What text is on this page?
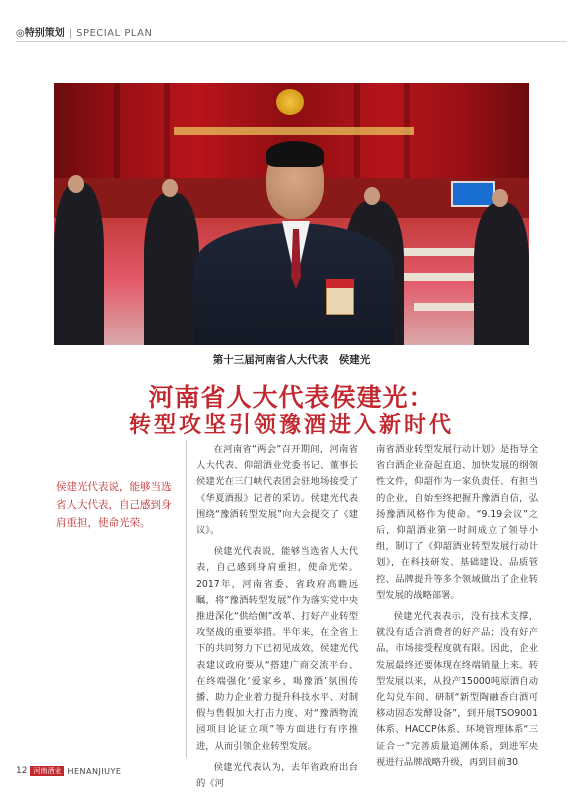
◎特别策划 | SPECIAL PLAN
第十三届河南省人大代表　侯建光
河南省人大代表侯建光：
转型攻坚引领豫酒进入新时代
侯建光代表说，能够当选省人大代表，自己感到身肩重担，使命光荣。

在河南省“两会”召开期间，河南省人大代表、仰韶酒业党委书记、董事长侯建光在三门峡代表团会驻地场接受了《华夏酒报》记者的采访。侯建光代表围绕“豫酒转型发展”向大会提交了《建议》。

侯建光代表说，能够当选省人大代表，自己感到身肩重担，使命光荣。2017年，河南省委、省政府高瞻远瞩，将“豫酒转型发展”作为落实党中央推进深化“供给侧”改革、打好产业转型攻坚战的重要举措。半年来，在全省上下的共同努力下已初见成效，侯建光代表建议政府要从“搭建广商交流平台、在终端强化‘爱家乡，喝豫酒’氛围传播、助力企业着力提升科技水平、对制假与售假加大打击力度、对“豫酒物流园项目论证立项”等方面进行有序推进，从而引领企业转型发展。

侯建光代表认为，去年省政府出台的《河

南省酒业转型发展行动计划》是指导全省白酒企业奋起直追、加快发展的纲领性文件，仰韶作为一家负责任、有担当的企业，自始至终把握升豫酒自信，弘扬豫酒风格作为使命。“9.19会议”之后，仰韶酒业第一时间成立了领导小组，制订了《仰韶酒业转型发展行动计划》，在科技研发、基础建设、品质管控、品牌提升等多个领域做出了企业转型发展的战略部署。

侯建光代表表示，没有技术支撑，就没有适合消费者的好产品；没有好产品，市场接受程度就有限。因此，企业发展最终还要体现在终端销量上来。转型发展以来，从投产15000吨原酒自动化勾兑车间、研制“新型陶融香白酒可移动固态发酵设备”，到开展TSO9001体系、HACCP体系、环境管理体系“三证合一”完善质量追溯体系，到进军央视进行品牌战略升级，再到目前30

12 河南酒业 HENANJIUYE
